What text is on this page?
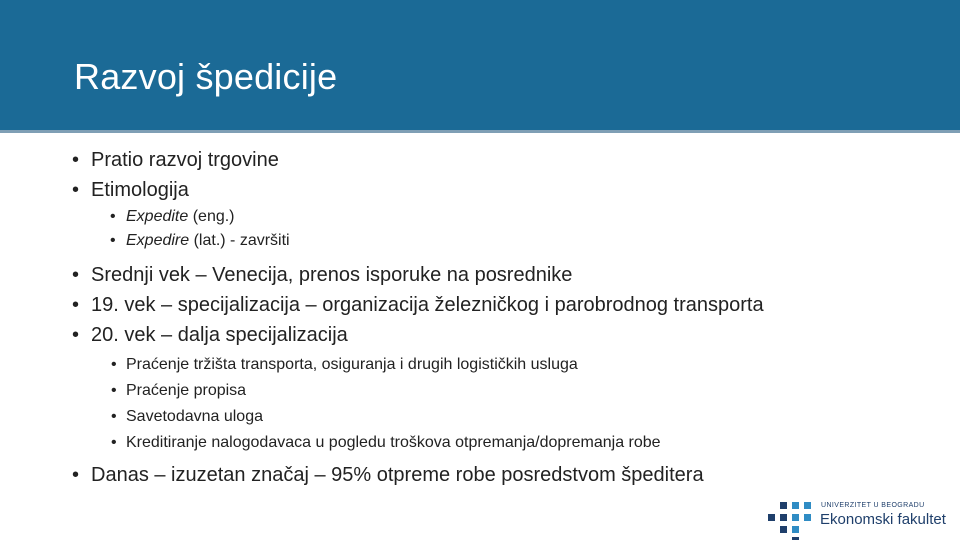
Razvoj špedicije
• Pratio razvoj trgovine
• Etimologija
• Expedite (eng.)
• Expedire (lat.) - završiti
• Srednji vek – Venecija, prenos isporuke na posrednike
• 19. vek – specijalizacija – organizacija železničkog i parobrodnog transporta
• 20. vek – dalja specijalizacija
• Praćenje tržišta transporta, osiguranja i drugih logističkih usluga
• Praćenje propisa
• Savetodavna uloga
• Kreditiranje nalogodavaca u pogledu troškova otpremanja/dopremanja robe
• Danas – izuzetan značaj – 95% otpreme robe posredstvom špeditera
UNIVERZITET U BEOGRADU
Ekonomski fakultet
